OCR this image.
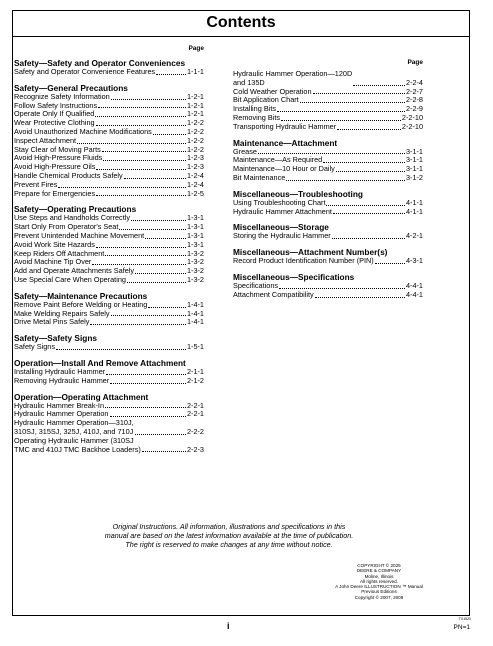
Contents
Page
Safety—Safety and Operator Conveniences
Safety and Operator Convenience Features	1-1-1
Safety—General Precautions
Recognize Safety Information	1-2-1
Follow Safety Instructions	1-2-1
Operate Only If Qualified	1-2-1
Wear Protective Clothing	1-2-2
Avoid Unauthorized Machine Modifications	1-2-2
Inspect Attachment	1-2-2
Stay Clear of Moving Parts	1-2-2
Avoid High-Pressure Fluids	1-2-3
Avoid High-Pressure Oils	1-2-3
Handle Chemical Products Safely	1-2-4
Prevent Fires	1-2-4
Prepare for Emergencies	1-2-5
Safety—Operating Precautions
Use Steps and Handholds Correctly	1-3-1
Start Only From Operator's Seat	1-3-1
Prevent Unintended Machine Movement	1-3-1
Avoid Work Site Hazards	1-3-1
Keep Riders Off Attachment	1-3-2
Avoid Machine Tip Over	1-3-2
Add and Operate Attachments Safely	1-3-2
Use Special Care When Operating	1-3-2
Safety—Maintenance Precautions
Remove Paint Before Welding or Heating	1-4-1
Make Welding Repairs Safely	1-4-1
Drive Metal Pins Safely	1-4-1
Safety—Safety Signs
Safety Signs	1-5-1
Operation—Install And Remove Attachment
Installing Hydraulic Hammer	2-1-1
Removing Hydraulic Hammer	2-1-2
Operation—Operating Attachment
Hydraulic Hammer Break-In	2-2-1
Hydraulic Hammer Operation	2-2-1
Hydraulic Hammer Operation—310J,
310SJ, 315SJ, 325J, 410J, and 710J	2-2-2
Operating Hydraulic Hammer (310SJ
TMC and 410J TMC Backhoe Loaders)	2-2-3
Page
Hydraulic Hammer Operation—120D
and 135D	2-2-4
Cold Weather Operation	2-2-7
Bit Application Chart	2-2-8
Installing Bits	2-2-9
Removing Bits	2-2-10
Transporting Hydraulic Hammer	2-2-10
Maintenance—Attachment
Grease	3-1-1
Maintenance—As Required	3-1-1
Maintenance—10 Hour or Daily	3-1-1
Bit Maintenance	3-1-2
Miscellaneous—Troubleshooting
Using Troubleshooting Chart	4-1-1
Hydraulic Hammer Attachment	4-1-1
Miscellaneous—Storage
Storing the Hydraulic Hammer	4-2-1
Miscellaneous—Attachment Number(s)
Record Product Identification Number (PIN)	4-3-1
Miscellaneous—Specifications
Specifications	4-4-1
Attachment Compatibility	4-4-1
Original Instructions. All information, illustrations and specifications in this
manual are based on the latest information available at the time of publication.
The right is reserved to make changes at any time without notice.
COPYRIGHT © 2025
DEERE & COMPANY
Moline, Illinois
All rights reserved.
A John Deere ILLUSTRUCTION ™ Manual
Previous Editions
Copyright © 2007, 2009
TX1520
i	PN=1
